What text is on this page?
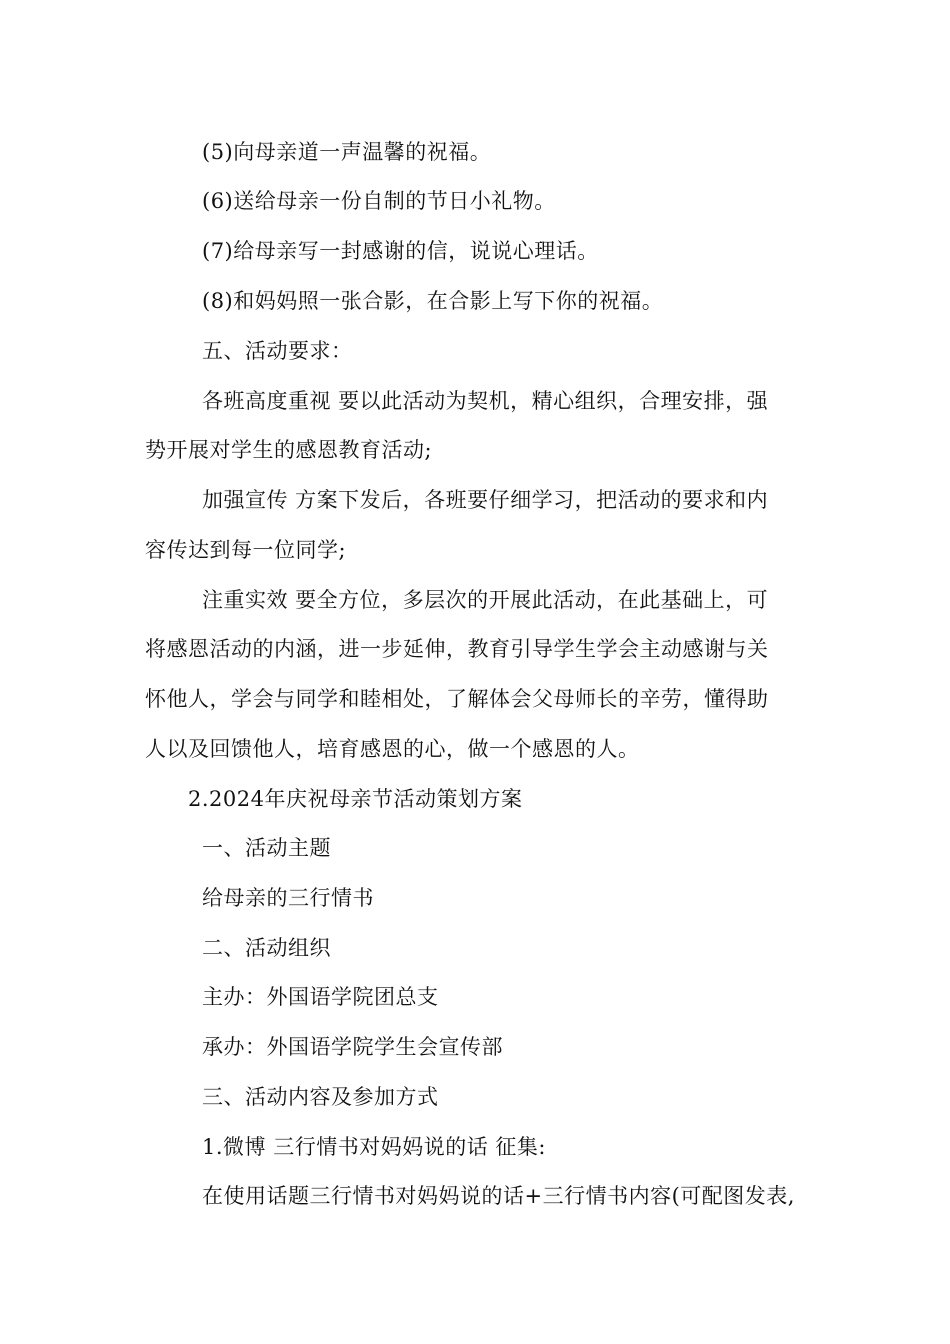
(5)向母亲道一声温馨的祝福。
(6)送给母亲一份自制的节日小礼物。
(7)给母亲写一封感谢的信，说说心理话。
(8)和妈妈照一张合影，在合影上写下你的祝福。
五、活动要求：
各班高度重视 要以此活动为契机，精心组织，合理安排，强
势开展对学生的感恩教育活动;
加强宣传 方案下发后，各班要仔细学习，把活动的要求和内
容传达到每一位同学;
注重实效 要全方位，多层次的开展此活动，在此基础上，可
将感恩活动的内涵，进一步延伸，教育引导学生学会主动感谢与关
怀他人，学会与同学和睦相处，了解体会父母师长的辛劳，懂得助
人以及回馈他人，培育感恩的心，做一个感恩的人。
2.2024年庆祝母亲节活动策划方案
一、活动主题
给母亲的三行情书
二、活动组织
主办：外国语学院团总支
承办：外国语学院学生会宣传部
三、活动内容及参加方式
1.微博 三行情书对妈妈说的话 征集:
在使用话题三行情书对妈妈说的话+三行情书内容(可配图发表,
